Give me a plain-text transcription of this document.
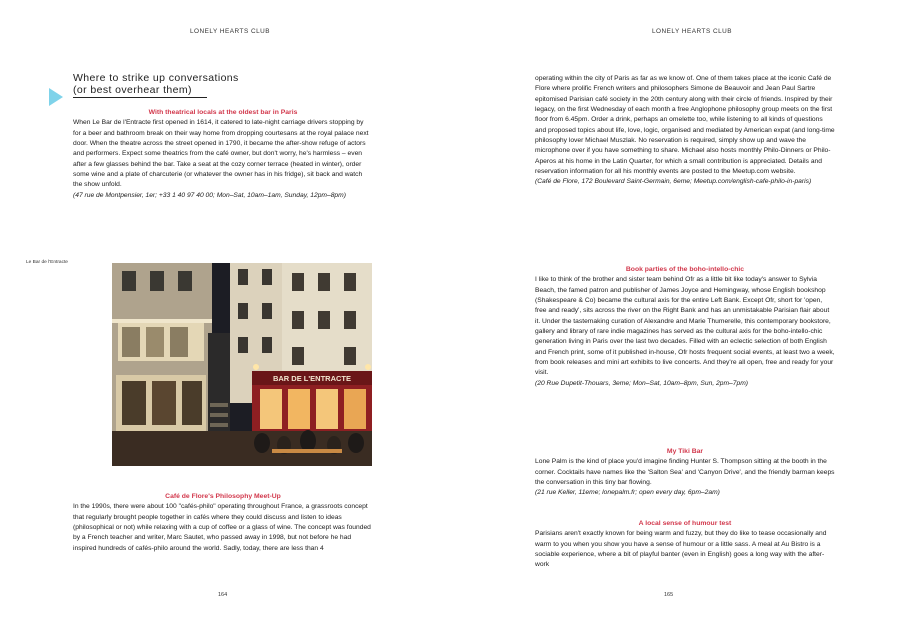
LONELY HEARTS CLUB
Where to strike up conversations
(or best overhear them)
With theatrical locals at the oldest bar in Paris

When Le Bar de l'Entracte first opened in 1614, it catered to late-night carriage drivers stopping by for a beer and bathroom break on their way home from dropping courtesans at the royal palace next door. When the theatre across the street opened in 1790, it became the after-show refuge of actors and performers. Expect some theatrics from the café owner, but don't worry, he's harmless – even after a few glasses behind the bar. Take a seat at the cozy corner terrace (heated in winter), order some wine and a plate of charcuterie (or whatever the owner has in his fridge), sit back and watch the show unfold.

(47 rue de Montpensier, 1er; +33 1 40 97 40 00; Mon–Sat, 10am–1am, Sunday, 12pm–8pm)

Le Bar de l'Entracte
BAR DE L'ENTRACTE
Café de Flore's Philosophy Meet-Up

In the 1990s, there were about 100 "cafés-philo" operating throughout France, a grassroots concept that regularly brought people together in cafés where they could discuss and listen to ideas (philosophical or not) while relaxing with a cup of coffee or a glass of wine. The concept was founded by a French teacher and writer, Marc Sautet, who passed away in 1998, but not before he had inspired hundreds of cafés-philo around the world. Sadly, today, there are less than 4

164
LONELY HEARTS CLUB

operating within the city of Paris as far as we know of. One of them takes place at the iconic Café de Flore where prolific French writers and philosophers Simone de Beauvoir and Jean Paul Sartre epitomised Parisian café society in the 20th century along with their circle of friends. Inspired by their legacy, on the first Wednesday of each month a free Anglophone philosophy group meets on the first floor from 6.45pm. Order a drink, perhaps an omelette too, while listening to all kinds of questions and proposed topics about life, love, logic, organised and mediated by American expat (and long-time philosophy lover Michael Muszlak. No reservation is required, simply show up and wave the microphone over if you have something to share. Michael also hosts monthly Philo-Dinners or Philo-Aperos at his home in the Latin Quarter, for which a small contribution is appreciated. Details and reservation information for all his monthly events are posted to the Meetup.com website.

(Café de Flore, 172 Boulevard Saint-Germain, 6eme; Meetup.com/english-cafe-philo-in-paris)

Book parties of the boho-intello-chic

I like to think of the brother and sister team behind Ofr as a little bit like today's answer to Sylvia Beach, the famed patron and publisher of James Joyce and Hemingway, whose English bookshop (Shakespeare & Co) became the cultural axis for the entire Left Bank. Except Ofr, short for 'open, free and ready', sits across the river on the Right Bank and has an unmistakable Parisian flair about it. Under the tastemaking curation of Alexandre and Marie Thumerelle, this contemporary bookstore, gallery and library of rare indie magazines has served as the cultural axis for the boho-intello-chic generation living in Paris over the last two decades. Filled with an eclectic selection of both English and French print, some of it published in-house, Ofr hosts frequent social events, at least two a week, from book releases and mini art exhibits to live concerts. And they're all open, free and ready for your visit.

(20 Rue Dupetit-Thouars, 3eme; Mon–Sat, 10am–8pm, Sun, 2pm–7pm)

My Tiki Bar

Lone Palm is the kind of place you'd imagine finding Hunter S. Thompson sitting at the booth in the corner. Cocktails have names like the 'Salton Sea' and 'Canyon Drive', and the friendly barman keeps the conversation in this tiny bar flowing.

(21 rue Keller, 11eme; lonepalm.fr; open every day, 6pm–2am)

A local sense of humour test

Parisians aren't exactly known for being warm and fuzzy, but they do like to tease occasionally and warm to you when you show you have a sense of humour or a little sass. A meal at Au Bistro is a sociable experience, where a bit of playful banter (even in English) goes a long way with the after-work

165
